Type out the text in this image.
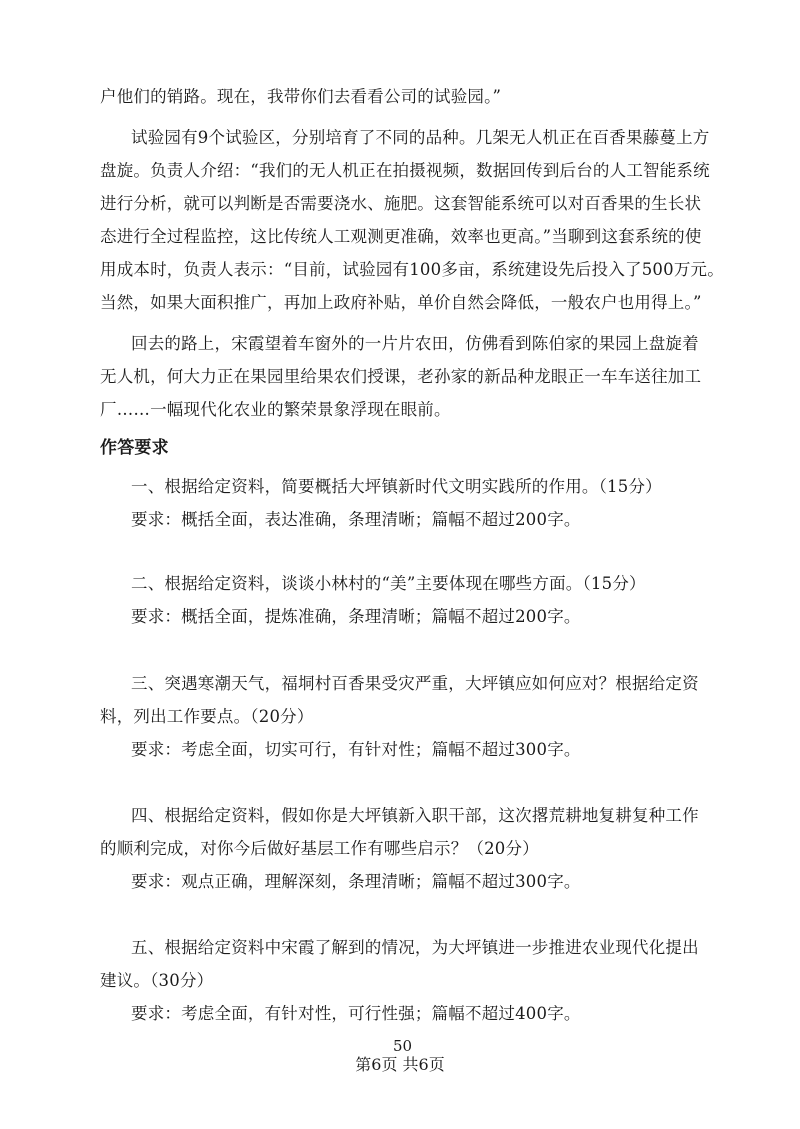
户他们的销路。现在，我带你们去看看公司的试验园。”
试验园有9个试验区，分别培育了不同的品种。几架无人机正在百香果藤蔓上方
盘旋。负责人介绍：“我们的无人机正在拍摄视频，数据回传到后台的人工智能系统
进行分析，就可以判断是否需要浇水、施肥。这套智能系统可以对百香果的生长状
态进行全过程监控，这比传统人工观测更准确，效率也更高。”当聊到这套系统的使
用成本时，负责人表示：“目前，试验园有100多亩，系统建设先后投入了500万元。
当然，如果大面积推广，再加上政府补贴，单价自然会降低，一般农户也用得上。”
回去的路上，宋霞望着车窗外的一片片农田，仿佛看到陈伯家的果园上盘旋着
无人机，何大力正在果园里给果农们授课，老孙家的新品种龙眼正一车车送往加工
厂……一幅现代化农业的繁荣景象浮现在眼前。
作答要求
一、根据给定资料，简要概括大坪镇新时代文明实践所的作用。（15分）
要求：概括全面，表达准确，条理清晰；篇幅不超过200字。
二、根据给定资料，谈谈小林村的“美”主要体现在哪些方面。（15分）
要求：概括全面，提炼准确，条理清晰；篇幅不超过200字。
三、突遇寒潮天气，福垌村百香果受灾严重，大坪镇应如何应对？根据给定资
料，列出工作要点。（20分）
要求：考虑全面，切实可行，有针对性；篇幅不超过300字。
四、根据给定资料，假如你是大坪镇新入职干部，这次撂荒耕地复耕复种工作
的顺利完成，对你今后做好基层工作有哪些启示？（20分）
要求：观点正确，理解深刻，条理清晰；篇幅不超过300字。
五、根据给定资料中宋霞了解到的情况，为大坪镇进一步推进农业现代化提出
建议。（30分）
要求：考虑全面，有针对性，可行性强；篇幅不超过400字。
50
第6页 共6页
